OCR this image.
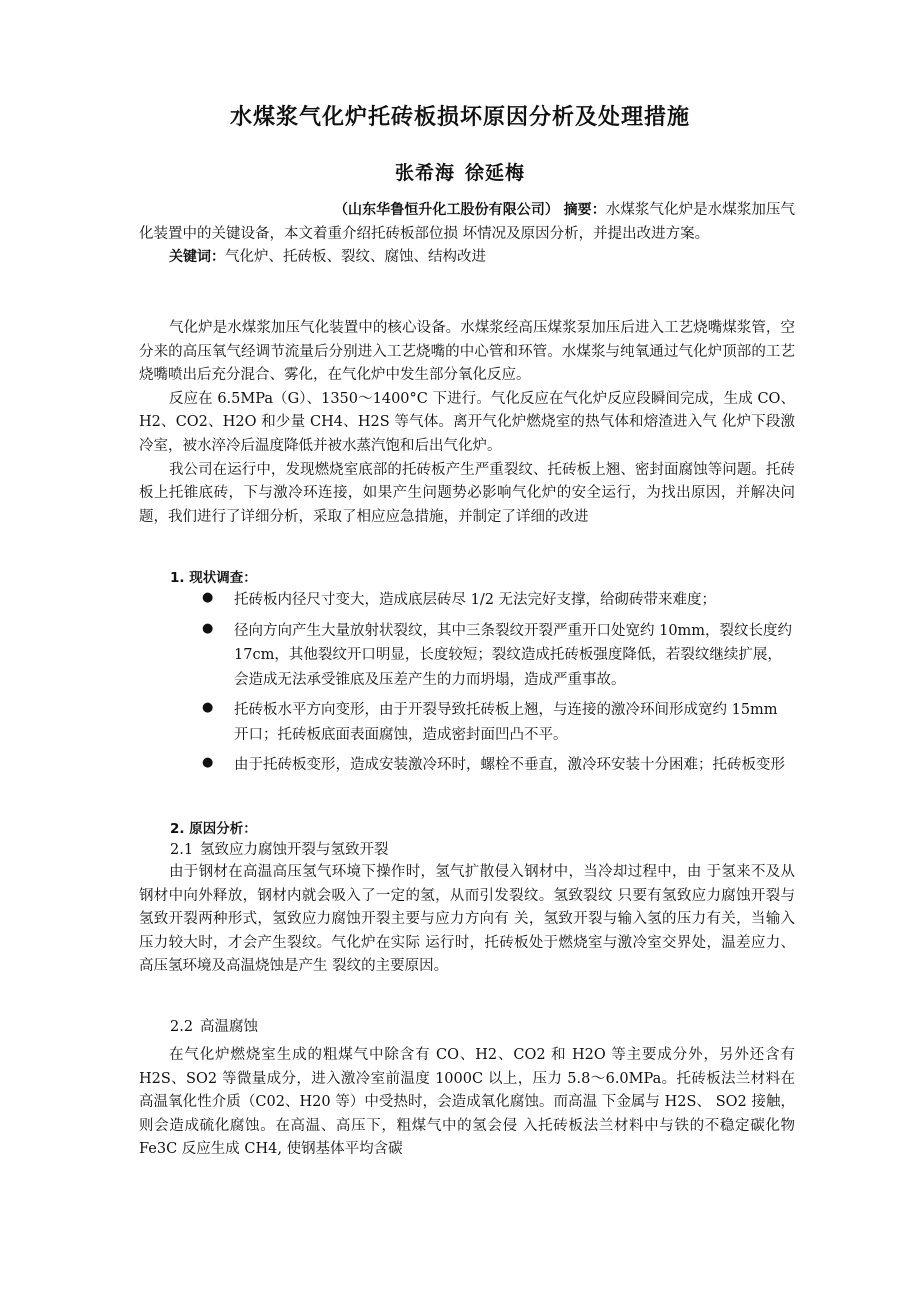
水煤浆气化炉托砖板损坏原因分析及处理措施
张希海 徐延梅

（山东华鲁恒升化工股份有限公司） 摘要：水煤浆气化炉是水煤浆加压气化装置中的关键设备，本文着重介绍托砖板部位损 坏情况及原因分析，并提出改进方案。

关键词：气化炉、托砖板、裂纹、腐蚀、结构改进

气化炉是水煤浆加压气化装置中的核心设备。水煤浆经高压煤浆泵加压后进入工艺烧嘴煤浆管，空分来的高压氧气经调节流量后分别进入工艺烧嘴的中心管和环管。水煤浆与纯氧通过气化炉顶部的工艺烧嘴喷出后充分混合、雾化，在气化炉中发生部分氧化反应。

反应在 6.5MPa（G）、1350〜1400°C 下进行。气化反应在气化炉反应段瞬间完成，生成 CO、H2、CO2、H2O 和少量 CH4、H2S 等气体。离开气化炉燃烧室的热气体和熔渣进入气 化炉下段激冷室，被水淬冷后温度降低并被水蒸汽饱和后出气化炉。

我公司在运行中，发现燃烧室底部的托砖板产生严重裂纹、托砖板上翘、密封面腐蚀等问题。托砖板上托锥底砖，下与激冷环连接，如果产生问题势必影响气化炉的安全运行，为找出原因，并解决问题，我们进行了详细分析，采取了相应应急措施，并制定了详细的改进

1. 现状调查：
● 托砖板内径尺寸变大，造成底层砖尽 1/2 无法完好支撑，给砌砖带来难度；
● 径向方向产生大量放射状裂纹，其中三条裂纹开裂严重开口处宽约 10mm，裂纹长度约 17cm，其他裂纹开口明显，长度较短；裂纹造成托砖板强度降低，若裂纹继续扩展，会造成无法承受锥底及压差产生的力而坍塌，造成严重事故。
● 托砖板水平方向变形，由于开裂导致托砖板上翘，与连接的激冷环间形成宽约 15mm 开口；托砖板底面表面腐蚀，造成密封面凹凸不平。
● 由于托砖板变形，造成安装激冷环时，螺栓不垂直，激冷环安装十分困难；托砖板变形
2. 原因分析：
2.1 氢致应力腐蚀开裂与氢致开裂

由于钢材在高温高压氢气环境下操作时，氢气扩散侵入钢材中，当冷却过程中，由 于氢来不及从钢材中向外释放，钢材内就会吸入了一定的氢，从而引发裂纹。氢致裂纹 只要有氢致应力腐蚀开裂与氢致开裂两种形式，氢致应力腐蚀开裂主要与应力方向有 关，氢致开裂与输入氢的压力有关，当输入压力较大时，才会产生裂纹。气化炉在实际 运行时，托砖板处于燃烧室与激冷室交界处，温差应力、高压氢环境及高温烧蚀是产生 裂纹的主要原因。

2.2 高温腐蚀

在气化炉燃烧室生成的粗煤气中除含有 CO、H2、CO2 和 H2O 等主要成分外，另外还含有 H2S、SO2 等微量成分，进入激冷室前温度 1000C 以上，压力 5.8〜6.0MPa。托砖板法兰材料在高温氧化性介质（C02、H20 等）中受热时，会造成氧化腐蚀。而高温 下金属与 H2S、 SO2 接触，则会造成硫化腐蚀。在高温、高压下，粗煤气中的氢会侵 入托砖板法兰材料中与铁的不稳定碳化物 Fe3C 反应生成 CH4, 使钢基体平均含碳
